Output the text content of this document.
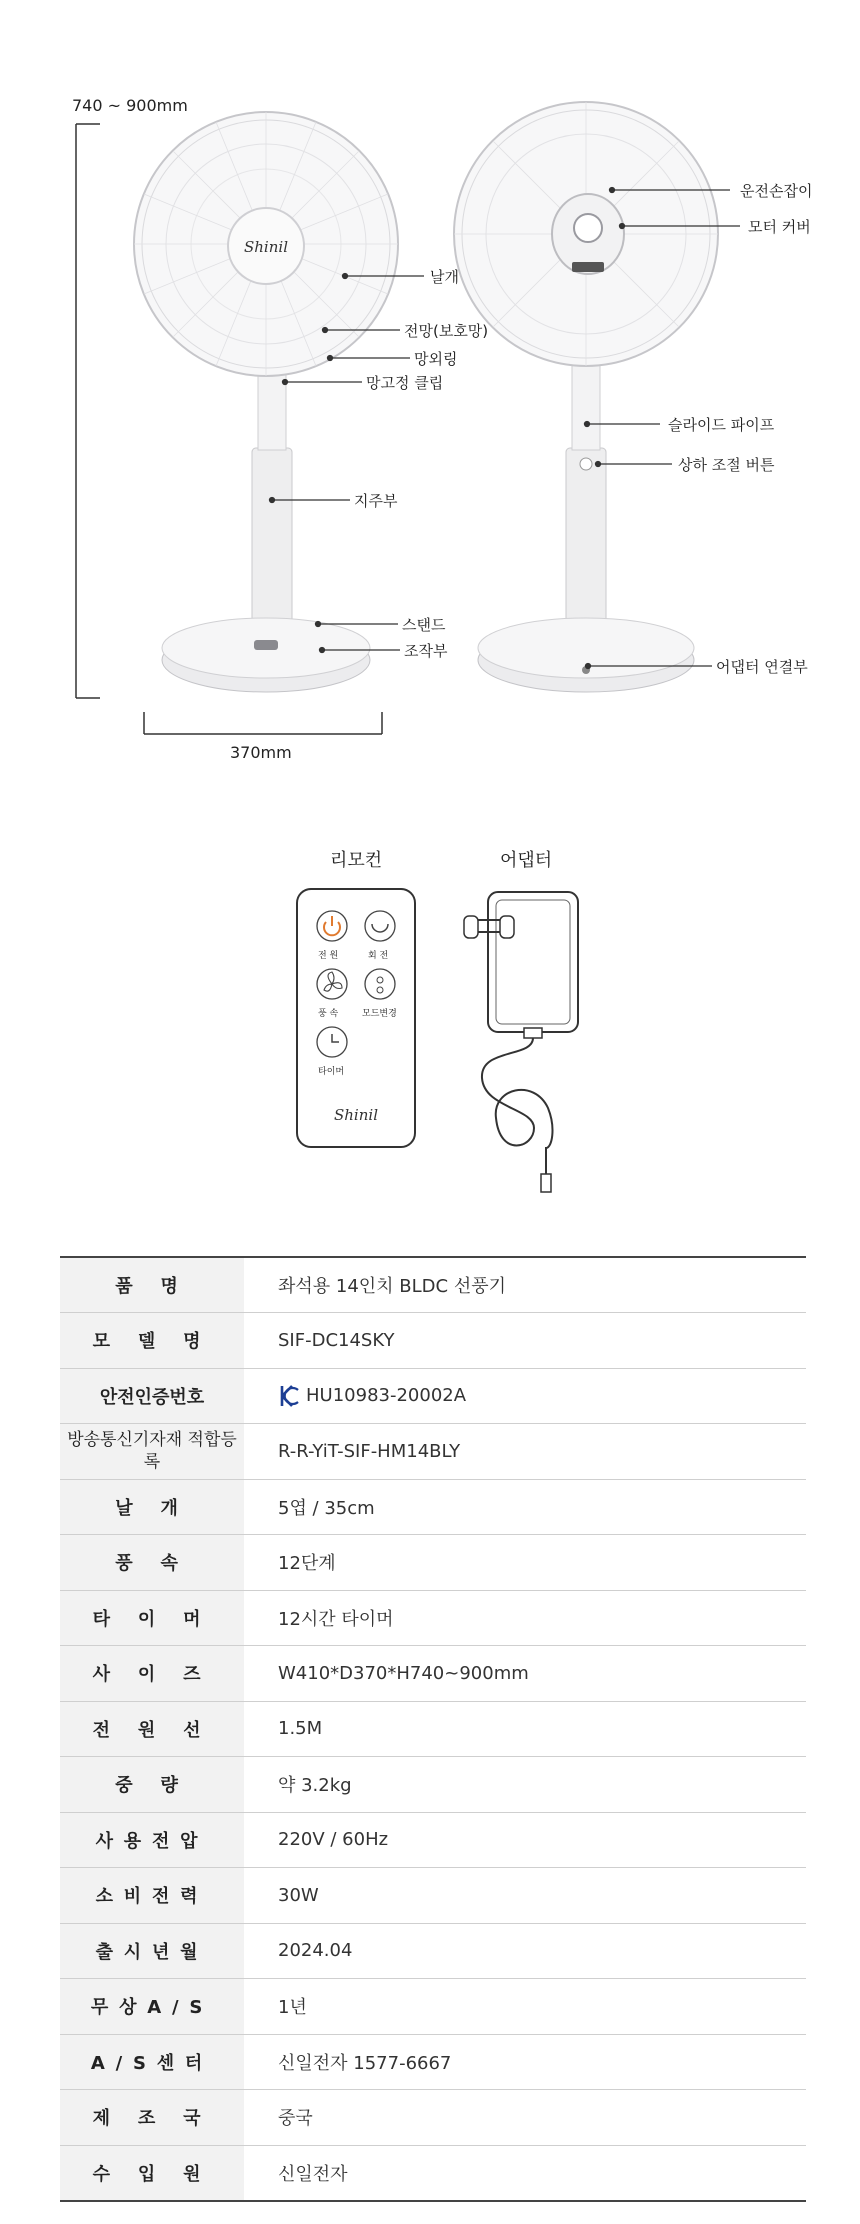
740 ~ 900mm
Shinil
370mm
날개
전망(보호망)
망외링
망고정 클립
지주부
스탠드
조작부
운전손잡이
모터 커버
슬라이드 파이프
상하 조절 버튼
어댑터 연결부
리모컨	어댑터
Shinil
전 원	회 전
풍 속	모드변경
타이머
품 명	좌석용 14인치 BLDC 선풍기
모 델 명	SIF-DC14SKY
안전인증번호	HU10983-20002A
방송통신기자재 적합등록	R-R-YiT-SIF-HM14BLY
날 개	5엽 / 35cm
풍 속	12단계
타 이 머	12시간 타이머
사 이 즈	W410*D370*H740~900mm
전 원 선	1.5M
중 량	약 3.2kg
사용전압	220V / 60Hz
소비전력	30W
출시년월	2024.04
무상A/S	1년
A/S센터	신일전자 1577-6667
제 조 국	중국
수 입 원	신일전자
